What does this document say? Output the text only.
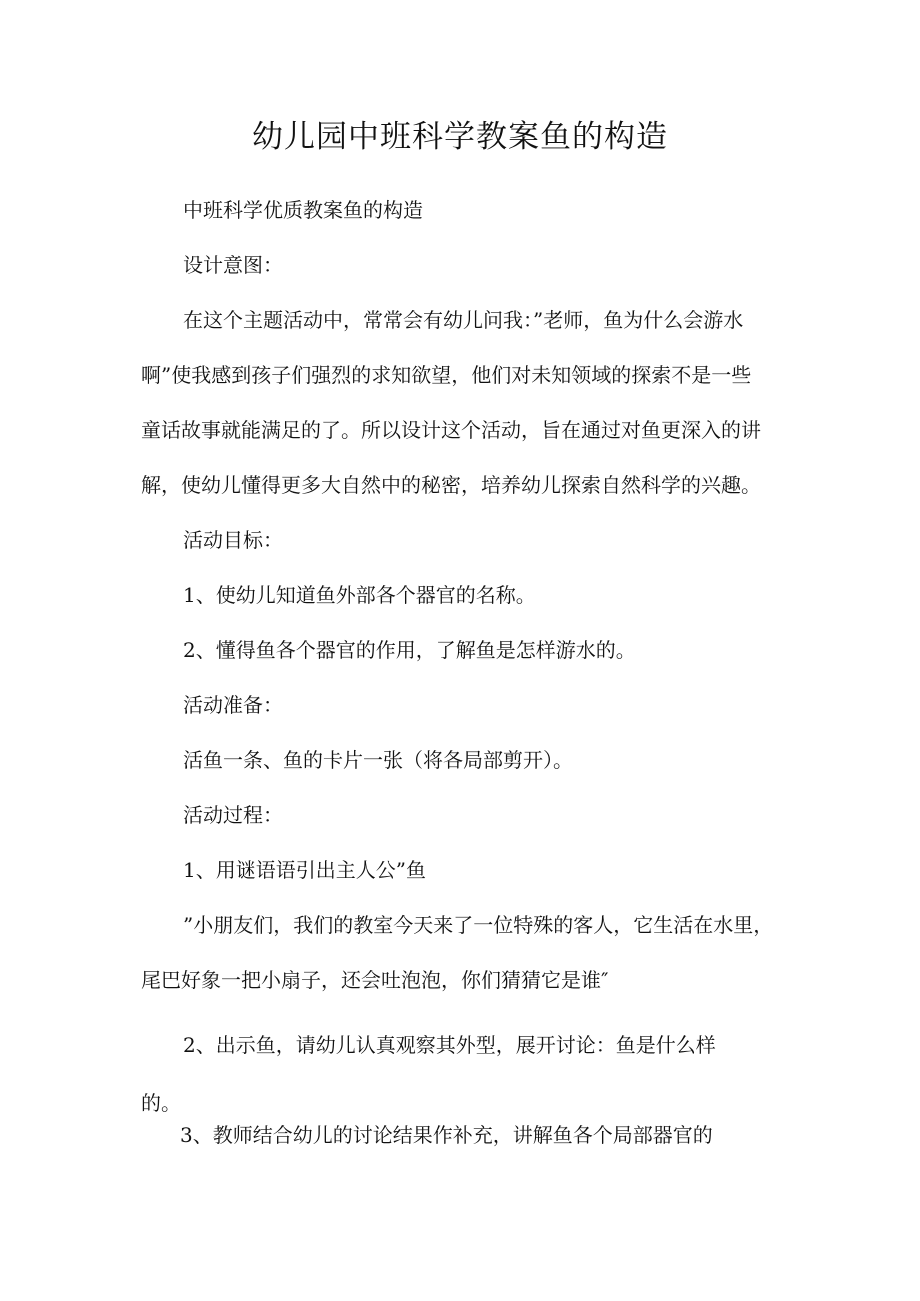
幼儿园中班科学教案鱼的构造
中班科学优质教案鱼的构造
设计意图：
在这个主题活动中，常常会有幼儿问我：”老师，鱼为什么会游水
啊”使我感到孩子们强烈的求知欲望，他们对未知领域的探索不是一些
童话故事就能满足的了。所以设计这个活动，旨在通过对鱼更深入的讲
解，使幼儿懂得更多大自然中的秘密，培养幼儿探索自然科学的兴趣。
活动目标：
1、使幼儿知道鱼外部各个器官的名称。
2、懂得鱼各个器官的作用，了解鱼是怎样游水的。
活动准备：
活鱼一条、鱼的卡片一张（将各局部剪开）。
活动过程：
1、用谜语语引出主人公”鱼
”小朋友们，我们的教室今天来了一位特殊的客人，它生活在水里，
尾巴好象一把小扇子，还会吐泡泡，你们猜猜它是谁″
2、出示鱼，请幼儿认真观察其外型，展开讨论：鱼是什么样
的。
3、教师结合幼儿的讨论结果作补充，讲解鱼各个局部器官的
